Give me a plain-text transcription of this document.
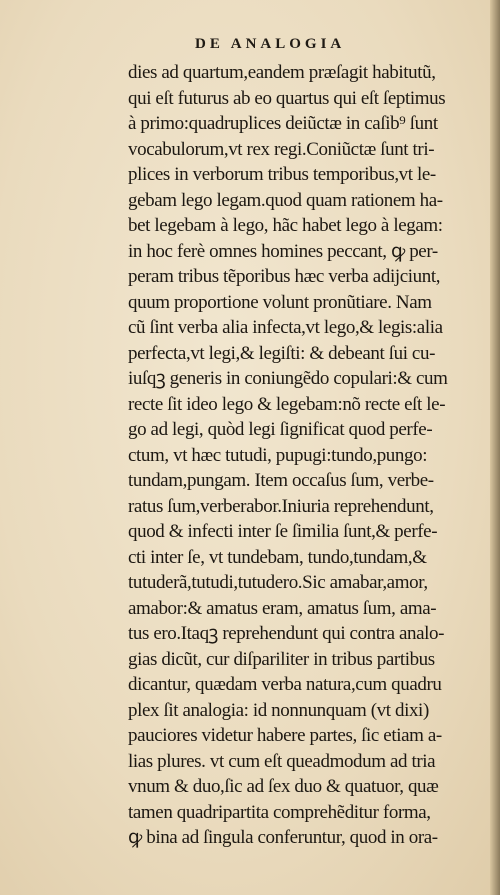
DE ANALOGIA
dies ad quartum,eandem præſagit habitutũ,
qui eſt futurus ab eo quartus qui eſt ſeptimus
à primo:quadruplices deiũctæ in caſib⁹ ſunt
vocabulorum,vt rex regi.Coniũctæ ſunt tri-
plices in verborum tribus temporibus,vt le-
gebam lego legam.quod quam rationem ha-
bet legebam à lego, hãc habet lego à legam:
in hoc ferè omnes homines peccant, ꝙ per-
peram tribus tẽporibus hæc verba adijciunt,
quum proportione volunt pronũtiare. Nam
cũ ſint verba alia infecta,vt lego,& legis:alia
perfecta,vt legi,& legiſti: & debeant ſui cu-
iuſqꝫ generis in coniungẽdo copulari:& cum
recte ſit ideo lego & legebam:nõ recte eſt le-
go ad legi, quòd legi ſignificat quod perfe-
ctum, vt hæc tutudi, pupugi:tundo,pungo:
tundam,pungam. Item occaſus ſum, verbe-
ratus ſum,verberabor.Iniuria reprehendunt,
quod & infecti inter ſe ſimilia ſunt,& perfe-
cti inter ſe, vt tundebam, tundo,tundam,&
tutuderã,tutudi,tutudero.Sic amabar,amor,
amabor:& amatus eram, amatus ſum, ama-
tus ero.Itaqꝫ reprehendunt qui contra analo-
gias dicũt, cur diſpariliter in tribus partibus
dicantur, quædam verba natura,cum quadru
plex ſit analogia: id nonnunquam (vt dixi)
pauciores videtur habere partes, ſic etiam a-
lias plures. vt cum eſt queadmodum ad tria
vnum & duo,ſic ad ſex duo & quatuor, quæ
tamen quadripartita comprehẽditur forma,
ꝙ bina ad ſingula conferuntur, quod in ora-
